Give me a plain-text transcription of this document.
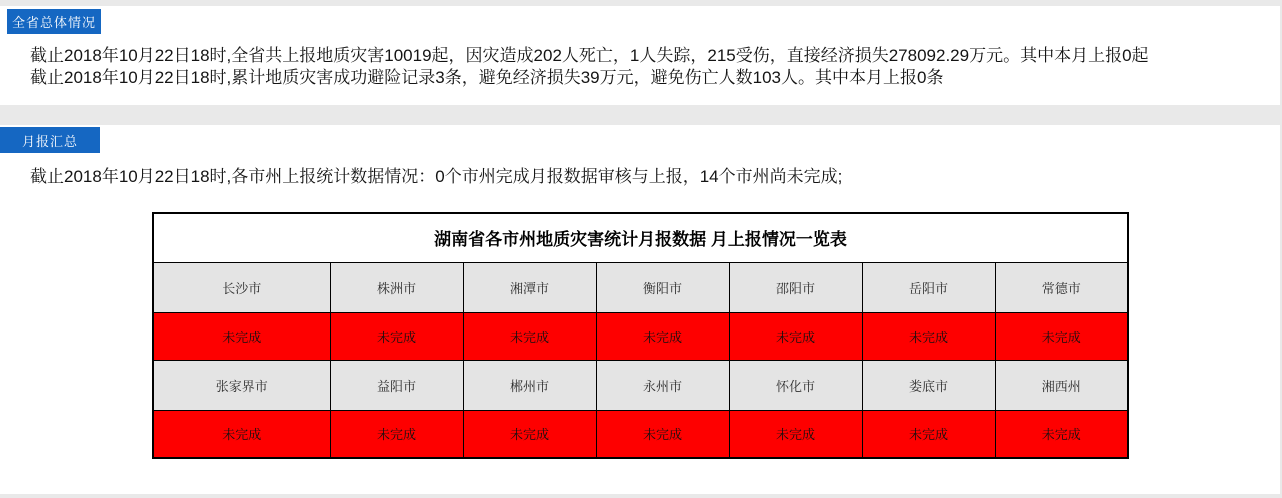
全省总体情况
截止2018年10月22日18时,全省共上报地质灾害10019起，因灾造成202人死亡，1人失踪，215受伤，直接经济损失278092.29万元。其中本月上报0起
截止2018年10月22日18时,累计地质灾害成功避险记录3条，避免经济损失39万元，避免伤亡人数103人。其中本月上报0条
月报汇总
截止2018年10月22日18时,各市州上报统计数据情况：0个市州完成月报数据审核与上报，14个市州尚未完成;
湖南省各市州地质灾害统计月报数据 月上报情况一览表						
长沙市	株洲市	湘潭市	衡阳市	邵阳市	岳阳市	常德市
未完成	未完成	未完成	未完成	未完成	未完成	未完成
张家界市	益阳市	郴州市	永州市	怀化市	娄底市	湘西州
未完成	未完成	未完成	未完成	未完成	未完成	未完成
